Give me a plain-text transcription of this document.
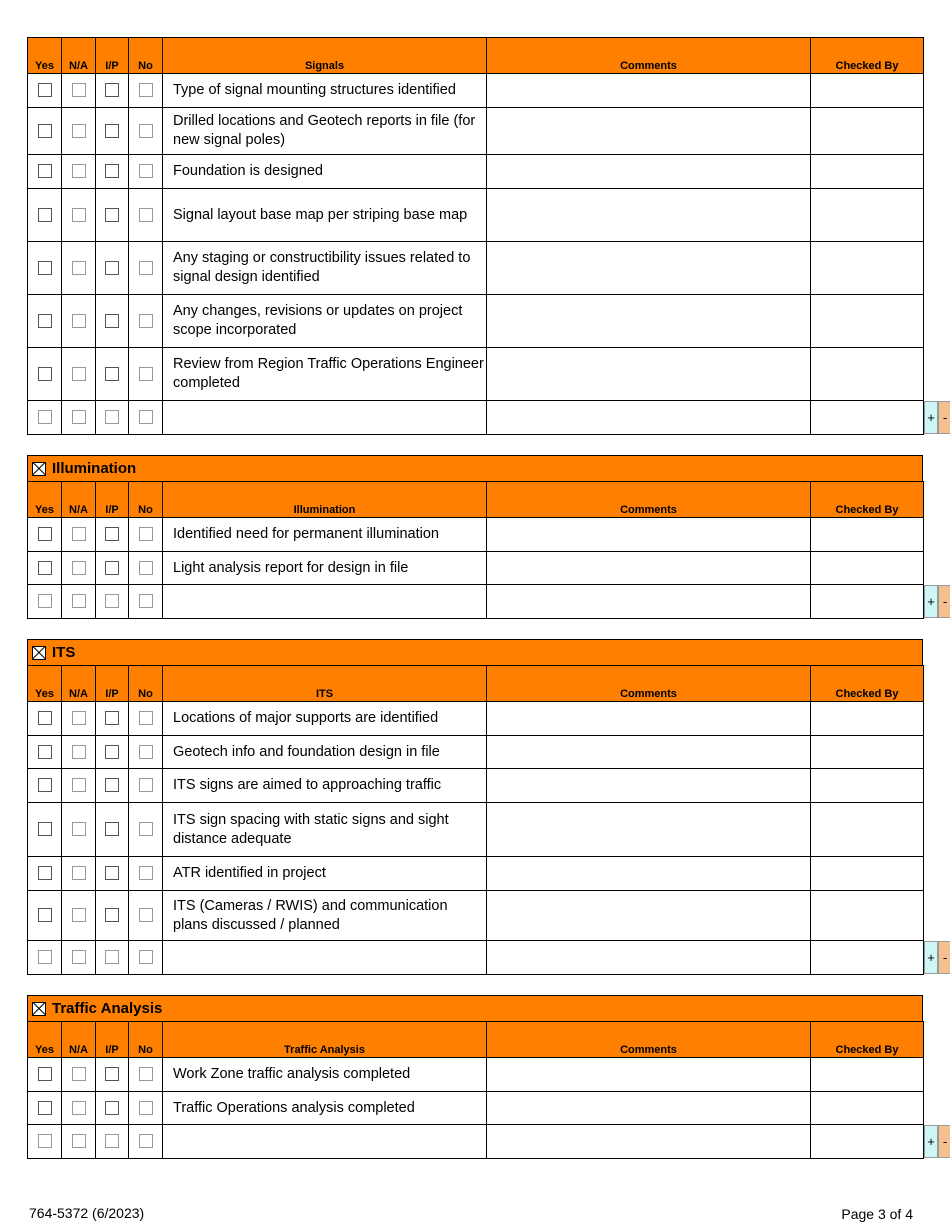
Yes	N/A	I/P	No	Signals	Comments	Checked By
				Type of signal mounting structures identified		
				Drilled locations and Geotech reports in file (for new signal poles)		
				Foundation is designed		
				Signal layout base map per striping base map		
				Any staging or constructibility issues related to signal design identified		
				Any changes, revisions or updates on project scope incorporated		
				Review from Region Traffic Operations Engineer completed		

+ -
Illumination
Yes	N/A	I/P	No	Illumination	Comments	Checked By
				Identified need for permanent illumination		
				Light analysis report for design in file		

+ -
ITS
Yes	N/A	I/P	No	ITS	Comments	Checked By
				Locations of major supports are identified		
				Geotech info and foundation design in file		
				ITS signs are aimed to approaching traffic		
				ITS sign spacing with static signs and sight distance adequate		
				ATR identified in project		
				ITS (Cameras / RWIS) and communication plans discussed / planned		

+ -
Traffic Analysis
Yes	N/A	I/P	No	Traffic Analysis	Comments	Checked By
				Work Zone traffic analysis completed		
				Traffic Operations analysis completed		

+ -
764-5372 (6/2023)	Page 3 of 4
